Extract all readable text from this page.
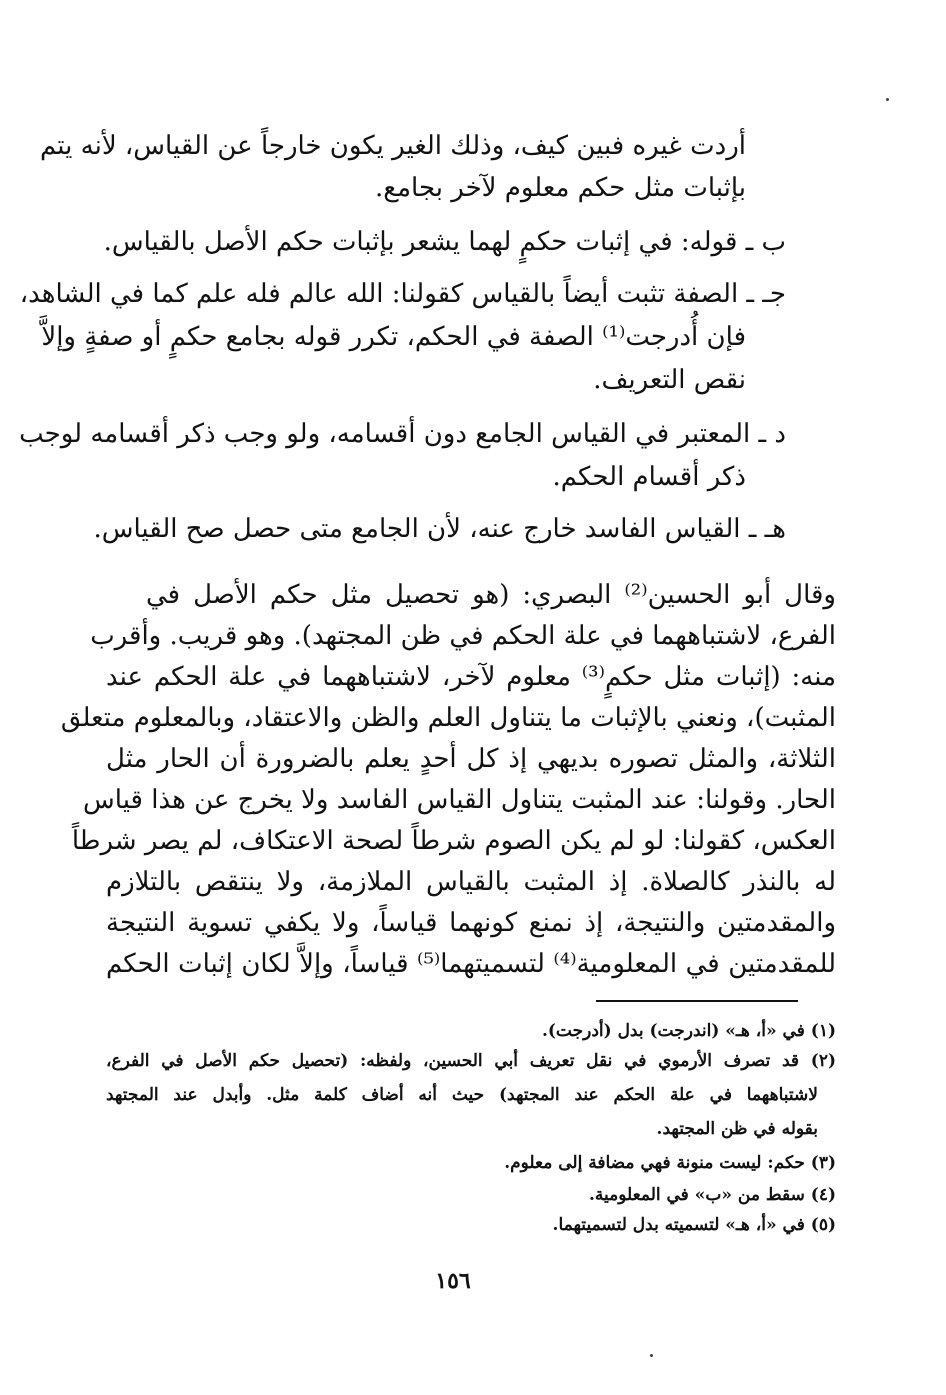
أردت غيره فبين كيف، وذلك الغير يكون خارجاً عن القياس، لأنه يتم
بإثبات مثل حكم معلوم لآخر بجامع.
ب ـ قوله: في إثبات حكمٍ لهما يشعر بإثبات حكم الأصل بالقياس.
جـ ـ الصفة تثبت أيضاً بالقياس كقولنا: الله عالم فله علم كما في الشاهد،
فإن أُدرجت⁽¹⁾ الصفة في الحكم، تكرر قوله بجامع حكمٍ أو صفةٍ وإلاَّ
نقص التعريف.
د ـ المعتبر في القياس الجامع دون أقسامه، ولو وجب ذكر أقسامه لوجب
ذكر أقسام الحكم.
هـ ـ القياس الفاسد خارج عنه، لأن الجامع متى حصل صح القياس.
وقال أبو الحسين⁽²⁾ البصري: (هو تحصيل مثل حكم الأصل في
الفرع، لاشتباههما في علة الحكم في ظن المجتهد). وهو قريب. وأقرب
منه: (إثبات مثل حكمٍ⁽³⁾ معلوم لآخر، لاشتباههما في علة الحكم عند
المثبت)، ونعني بالإثبات ما يتناول العلم والظن والاعتقاد، وبالمعلوم متعلق
الثلاثة، والمثل تصوره بديهي إذ كل أحدٍ يعلم بالضرورة أن الحار مثل
الحار. وقولنا: عند المثبت يتناول القياس الفاسد ولا يخرج عن هذا قياس
العكس، كقولنا: لو لم يكن الصوم شرطاً لصحة الاعتكاف، لم يصر شرطاً
له بالنذر كالصلاة. إذ المثبت بالقياس الملازمة، ولا ينتقص بالتلازم
والمقدمتين والنتيجة، إذ نمنع كونهما قياساً، ولا يكفي تسوية النتيجة
للمقدمتين في المعلومية⁽⁴⁾ لتسميتهما⁽⁵⁾ قياساً، وإلاَّ لكان إثبات الحكم
(١) في «أ، هـ» (اندرجت) بدل (أدرجت).
(٢) قد تصرف الأرموي في نقل تعريف أبي الحسين، ولفظه: (تحصيل حكم الأصل في الفرع،
لاشتباههما في علة الحكم عند المجتهد) حيث أنه أضاف كلمة مثل. وأبدل عند المجتهد
بقوله في ظن المجتهد.
(٣) حكم: ليست منونة فهي مضافة إلى معلوم.
(٤) سقط من «ب» في المعلومية.
(٥) في «أ، هـ» لتسميته بدل لتسميتهما.
١٥٦
